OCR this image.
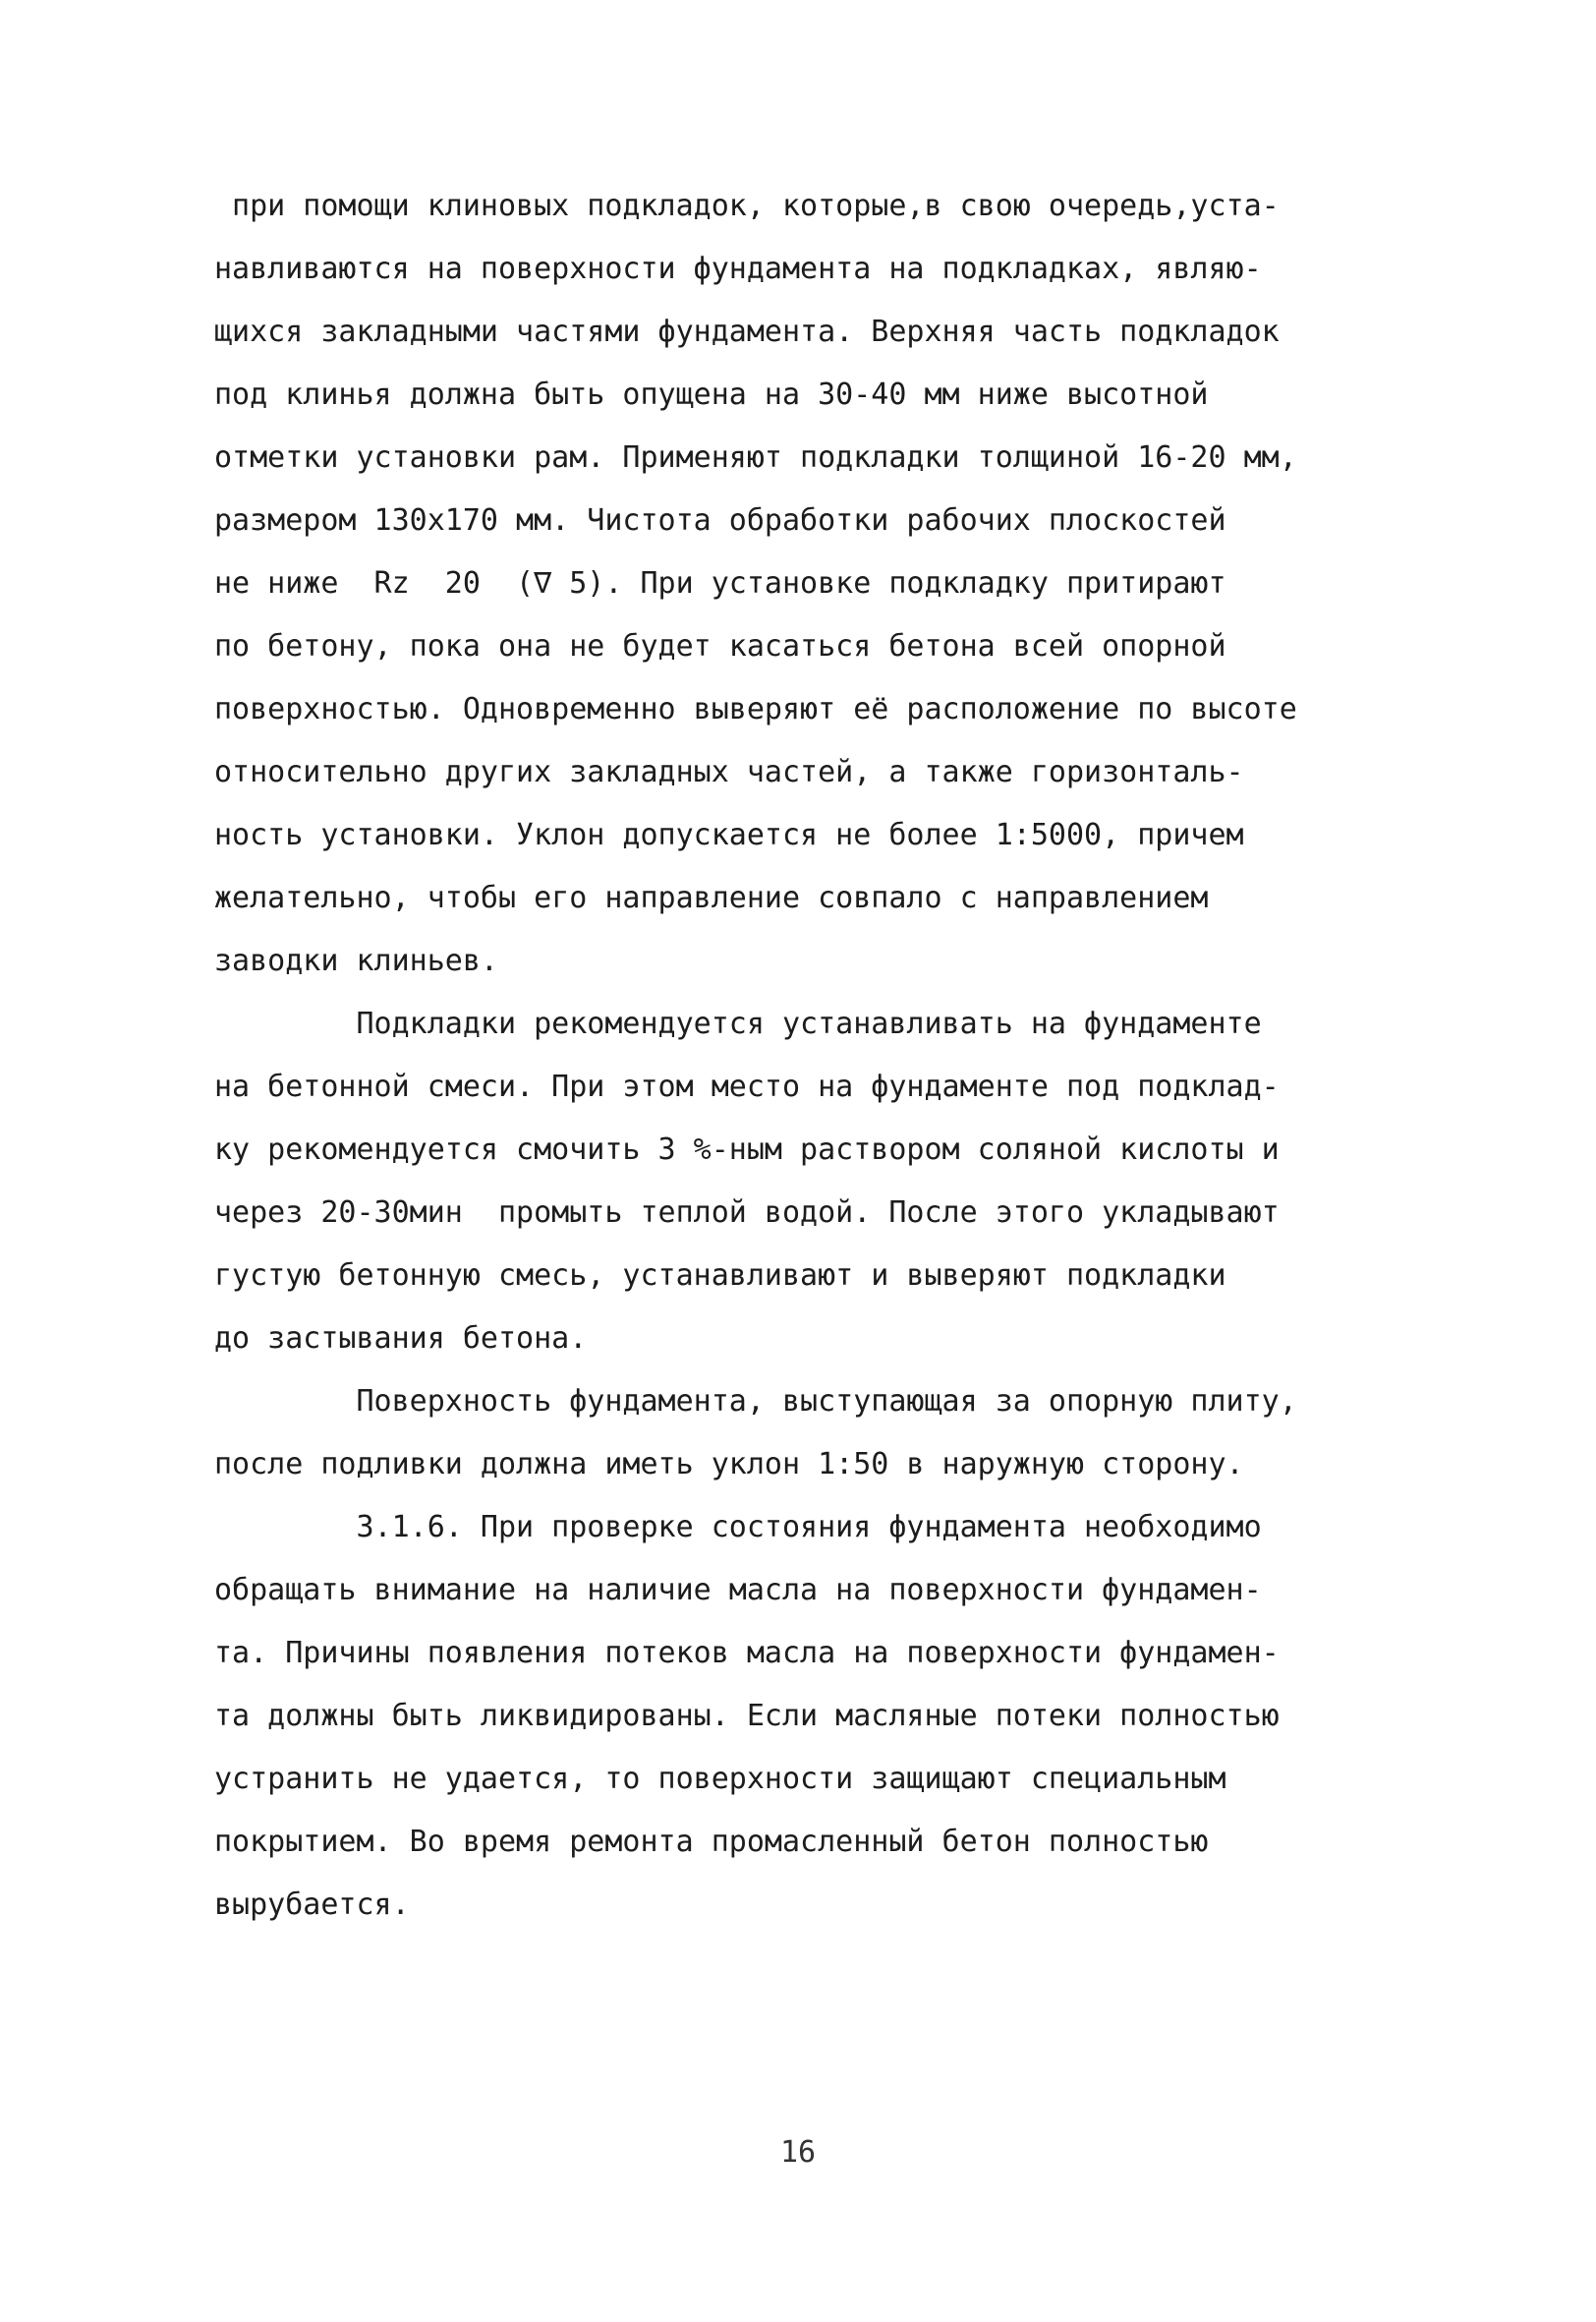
при помощи клиновых подкладок, которые,в свою очередь,уста-
навливаются на поверхности фундамента на подкладках, являю-
щихся закладными частями фундамента. Верхняя часть подкладок
под клинья должна быть опущена на 30-40 мм ниже высотной
отметки установки рам. Применяют подкладки толщиной 16-20 мм,
размером 130х170 мм. Чистота обработки рабочих плоскостей
не ниже  Rz  20  (∇ 5). При установке подкладку притирают
по бетону, пока она не будет касаться бетона всей опорной
поверхностью. Одновременно выверяют её расположение по высоте
относительно других закладных частей, а также горизонталь-
ность установки. Уклон допускается не более 1:5000, причем
желательно, чтобы его направление совпало с направлением
заводки клиньев.
Подкладки рекомендуется устанавливать на фундаменте
на бетонной смеси. При этом место на фундаменте под подклад-
ку рекомендуется смочить 3 %-ным раствором соляной кислоты и
через 20-30мин  промыть теплой водой. После этого укладывают
густую бетонную смесь, устанавливают и выверяют подкладки
до застывания бетона.
Поверхность фундамента, выступающая за опорную плиту,
после подливки должна иметь уклон 1:50 в наружную сторону.
3.1.6. При проверке состояния фундамента необходимо
обращать внимание на наличие масла на поверхности фундамен-
та. Причины появления потеков масла на поверхности фундамен-
та должны быть ликвидированы. Если масляные потеки полностью
устранить не удается, то поверхности защищают специальным
покрытием. Во время ремонта промасленный бетон полностью
вырубается.
16
